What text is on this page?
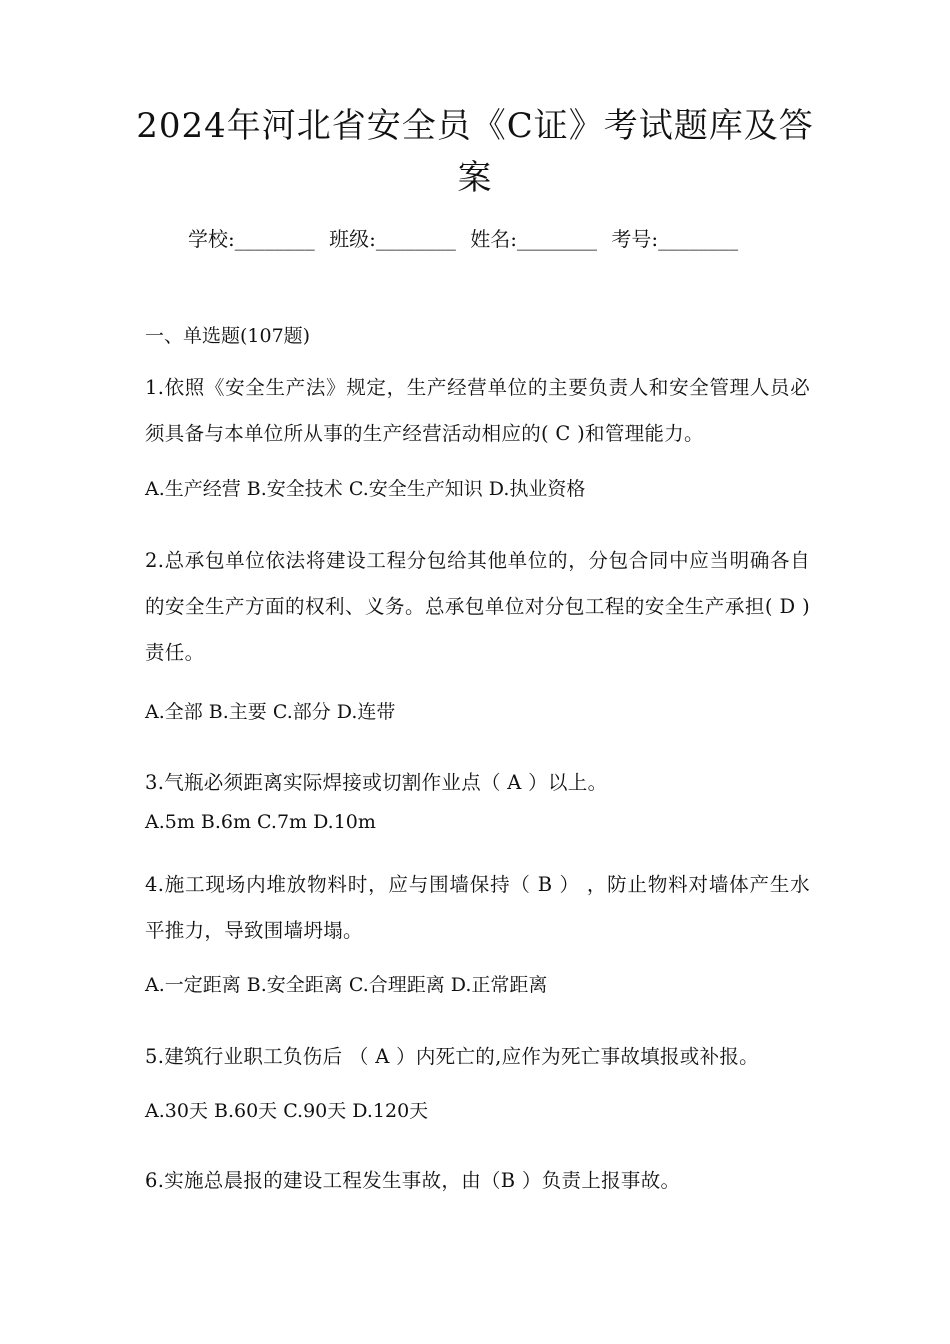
2024年河北省安全员《C证》考试题库及答案
学校:________ 班级:________ 姓名:________ 考号:________
一、单选题(107题)
1.依照《安全生产法》规定，生产经营单位的主要负责人和安全管理人员必须具备与本单位所从事的生产经营活动相应的( C )和管理能力。
A.生产经营 B.安全技术 C.安全生产知识 D.执业资格
2.总承包单位依法将建设工程分包给其他单位的，分包合同中应当明确各自的安全生产方面的权利、义务。总承包单位对分包工程的安全生产承担( D )责任。
A.全部 B.主要 C.部分 D.连带
3.气瓶必须距离实际焊接或切割作业点（ A ）以上。
A.5m B.6m C.7m D.10m
4.施工现场内堆放物料时，应与围墙保持（ B ） ，防止物料对墙体产生水平推力，导致围墙坍塌。
A.一定距离 B.安全距离 C.合理距离 D.正常距离
5.建筑行业职工负伤后 （ A ）内死亡的,应作为死亡事故填报或补报。
A.30天 B.60天 C.90天 D.120天
6.实施总晨报的建设工程发生事故，由（B ）负责上报事故。
